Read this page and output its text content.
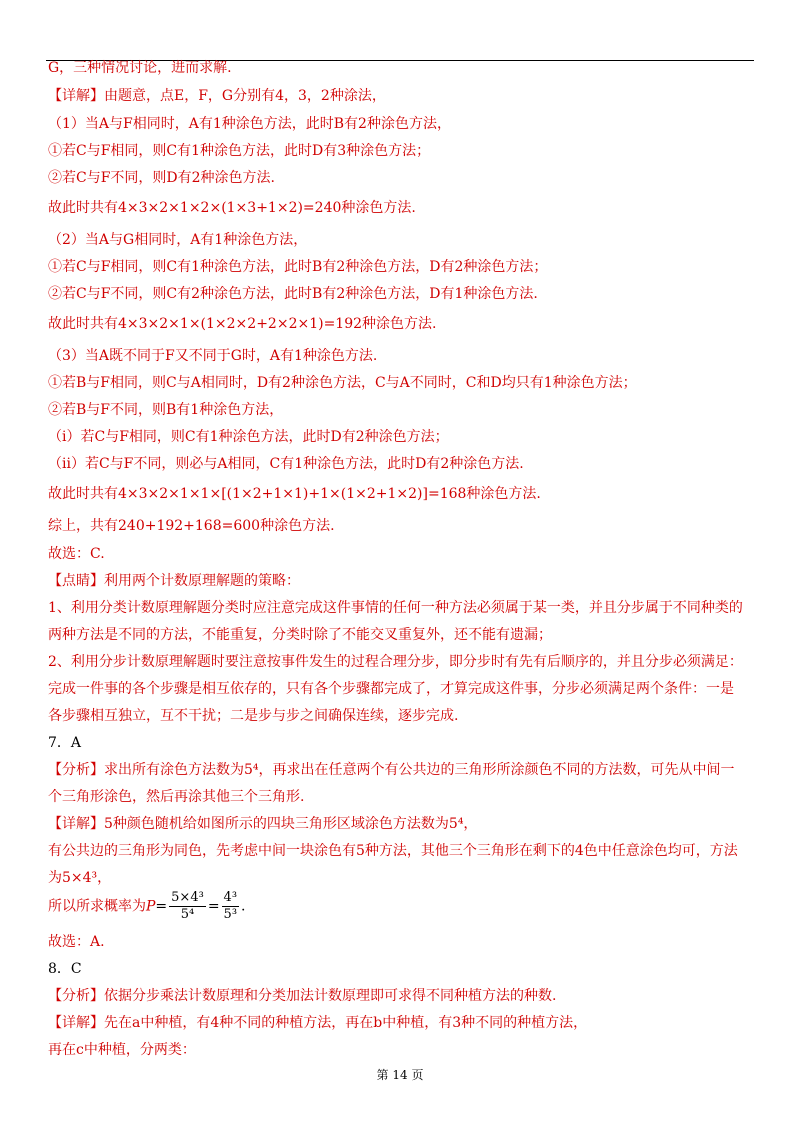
所以所求概率为$P= \frac{\text{5×4³}}{\text{5⁴}} = \frac{\text{4³}}{\text{5³}}$ .
G，三种情况讨论，进而求解.
【详解】由题意，点E，F，G分别有4，3，2种涂法，
（1）当A与F相同时，A有1种涂色方法，此时B有2种涂色方法，
①若C与F相同，则C有1种涂色方法，此时D有3种涂色方法；
②若C与F不同，则D有2种涂色方法.
故此时共有4×3×2×1×2×(1×3+1×2)=240种涂色方法.
（2）当A与G相同时，A有1种涂色方法，
①若C与F相同，则C有1种涂色方法，此时B有2种涂色方法，D有2种涂色方法；
②若C与F不同，则C有2种涂色方法，此时B有2种涂色方法，D有1种涂色方法.
故此时共有4×3×2×1×(1×2×2+2×2×1)=192种涂色方法.
（3）当A既不同于F又不同于G时，A有1种涂色方法.
①若B与F相同，则C与A相同时，D有2种涂色方法，C与A不同时，C和D均只有1种涂色方法；
②若B与F不同，则B有1种涂色方法，
（i）若C与F相同，则C有1种涂色方法，此时D有2种涂色方法；
（ii）若C与F不同，则必与A相同，C有1种涂色方法，此时D有2种涂色方法.
故此时共有4×3×2×1×1×[(1×2+1×1)+1×(1×2+1×2)]=168种涂色方法.
综上，共有240+192+168=600种涂色方法.
故选：C.
【点睛】利用两个计数原理解题的策略：
1、利用分类计数原理解题分类时应注意完成这件事情的任何一种方法必须属于某一类，并且分步属于不同种类的
两种方法是不同的方法，不能重复，分类时除了不能交叉重复外，还不能有遗漏；
2、利用分步计数原理解题时要注意按事件发生的过程合理分步，即分步时有先有后顺序的，并且分步必须满足：
完成一件事的各个步骤是相互依存的，只有各个步骤都完成了，才算完成这件事，分步必须满足两个条件：一是
各步骤相互独立，互不干扰；二是步与步之间确保连续，逐步完成.
7．A
【分析】求出所有涂色方法数为5⁴，再求出在任意两个有公共边的三角形所涂颜色不同的方法数，可先从中间一
个三角形涂色，然后再涂其他三个三角形.
【详解】5种颜色随机给如图所示的四块三角形区域涂色方法数为5⁴，
有公共边的三角形为同色，先考虑中间一块涂色有5种方法，其他三个三角形在剩下的4色中任意涂色均可，方法
为5×4³，
故选：A.
8．C
【分析】依据分步乘法计数原理和分类加法计数原理即可求得不同种植方法的种数.
【详解】先在a中种植，有4种不同的种植方法，再在b中种植，有3种不同的种植方法，
再在c中种植，分两类：
第 14 页
